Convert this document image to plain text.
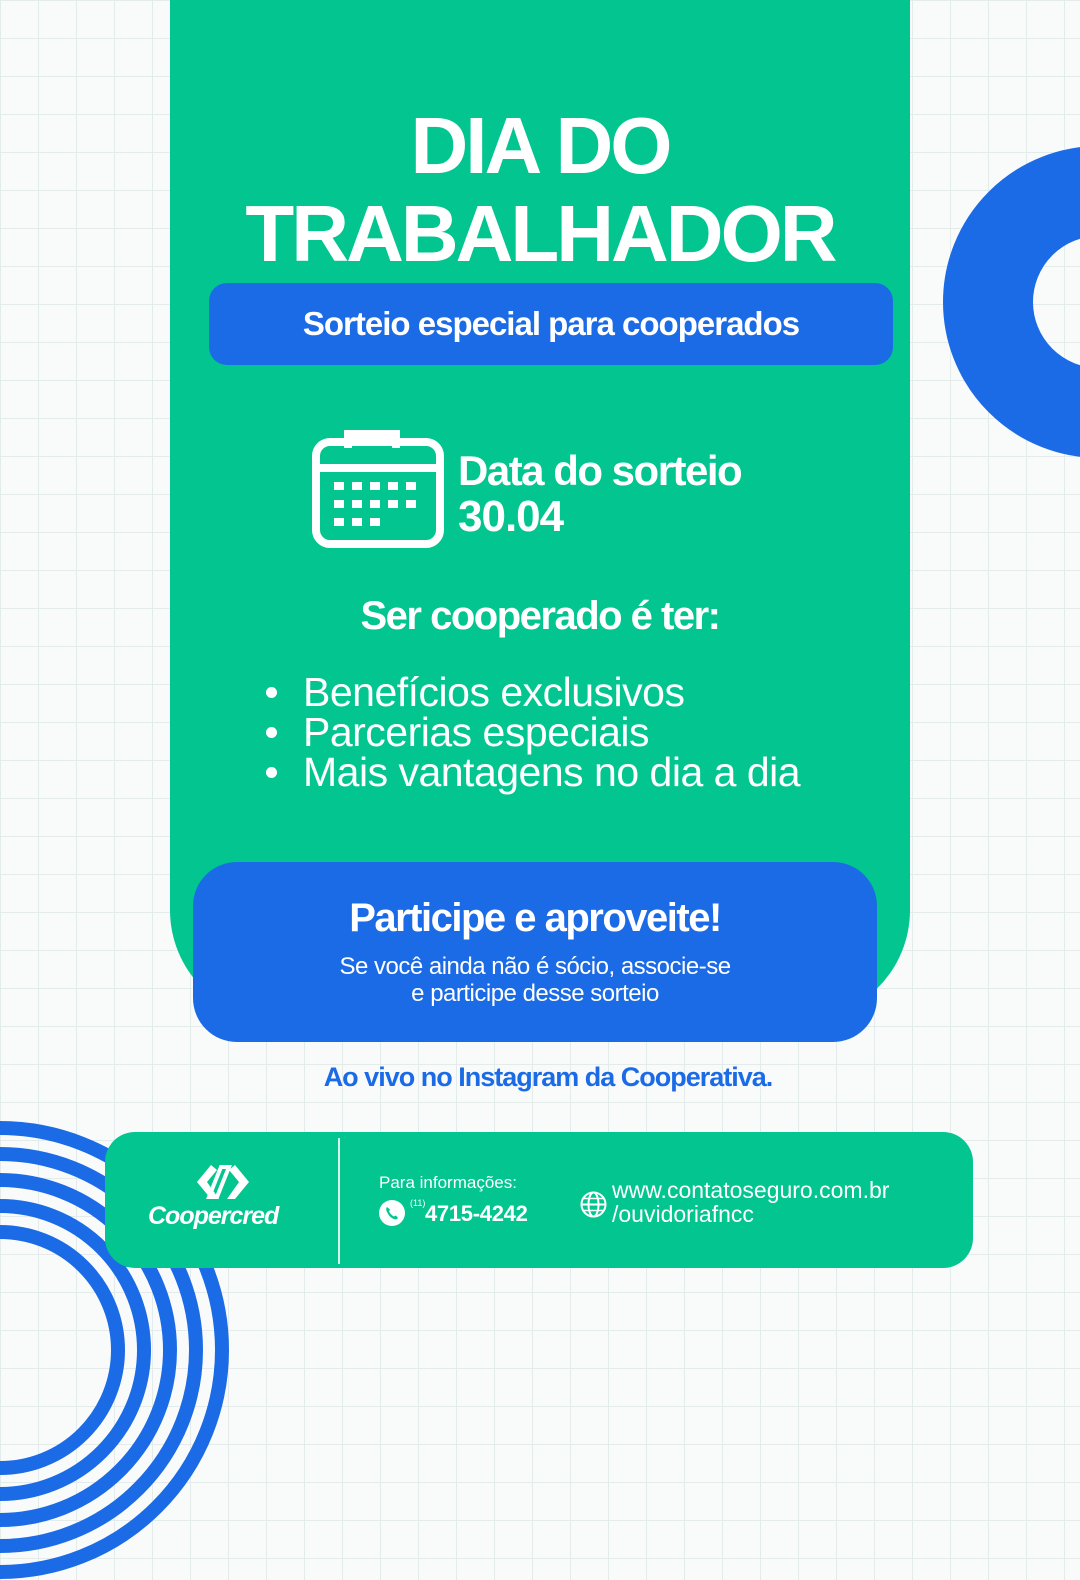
DIA DO
TRABALHADOR
Sorteio especial para cooperados
Data do sorteio
30.04
Ser cooperado é ter:
Benefícios exclusivos
Parcerias especiais
Mais vantagens no dia a dia
Participe e aproveite!
Se você ainda não é sócio, associe-se
e participe desse sorteio
Ao vivo no Instagram da Cooperativa.
Coopercred
Para informações:
(11) 4715-4242
www.contatoseguro.com.br
/ouvidoriafncc
